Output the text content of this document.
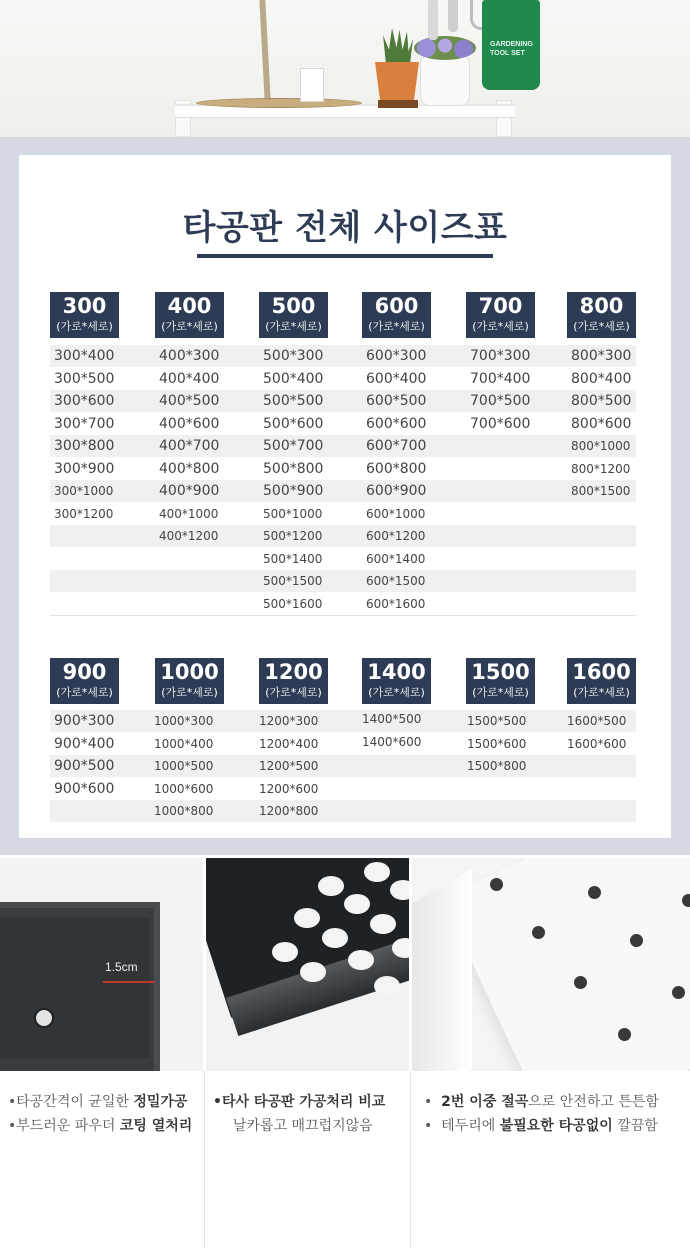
GARDENING TOOL SET
타공판 전체 사이즈표
300
(가로*세로)
400
(가로*세로)
500
(가로*세로)
600
(가로*세로)
700
(가로*세로)
800
(가로*세로)
300*400
300*500
300*600
300*700
300*800
300*900
300*1000
300*1200
400*300
400*400
400*500
400*600
400*700
400*800
400*900
400*1000
400*1200
500*300
500*400
500*500
500*600
500*700
500*800
500*900
500*1000
500*1200
500*1400
500*1500
500*1600
600*300
600*400
600*500
600*600
600*700
600*800
600*900
600*1000
600*1200
600*1400
600*1500
600*1600
700*300
700*400
700*500
700*600
800*300
800*400
800*500
800*600
800*1000
800*1200
800*1500
900
(가로*세로)
1000
(가로*세로)
1200
(가로*세로)
1400
(가로*세로)
1500
(가로*세로)
1600
(가로*세로)
900*300
900*400
900*500
900*600
1000*300
1000*400
1000*500
1000*600
1000*800
1200*300
1200*400
1200*500
1200*600
1200*800
1400*500
1400*600
1500*500
1500*600
1500*800
1600*500
1600*600
1.5cm
•타공간격이 균일한 정밀가공
•부드러운 파우더 코팅 열처리
•타사 타공판 가공처리 비교
날카롭고 매끄럽지않음
•  2번 이중 절곡으로 안전하고 튼튼함
•  테두리에 불필요한 타공없이 깔끔함
